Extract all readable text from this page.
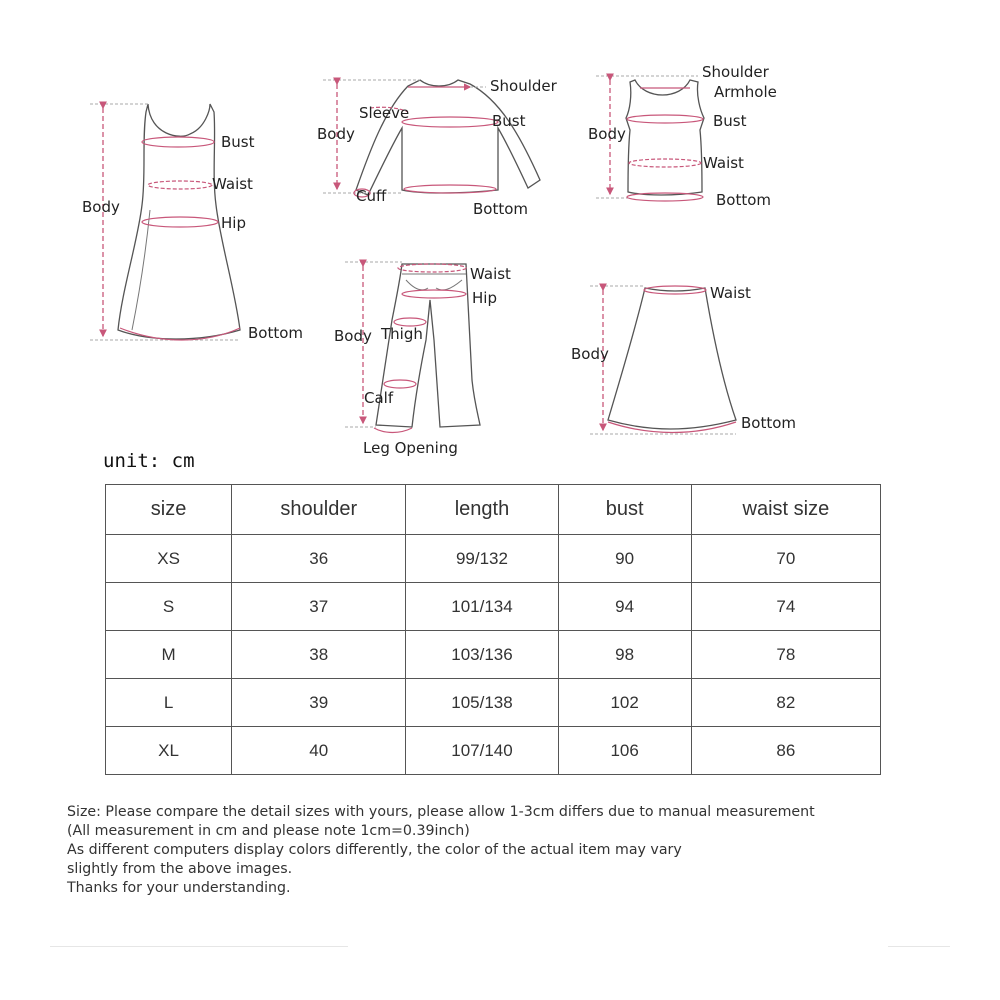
Bust
Waist
Body
Hip
Bottom
Shoulder
Sleeve
Body
Bust
Cuff
Bottom
Shoulder
Armhole
Bust
Body
Waist
Bottom
Waist
Hip
Body Thigh
Calf
Leg Opening
Waist
Body
Bottom
unit: cm
size	shoulder	length	bust	waist size
XS	36	99/132	90	70
S	37	101/134	94	74
M	38	103/136	98	78
L	39	105/138	102	82
XL	40	107/140	106	86
Size: Please compare the detail sizes with yours, please allow 1-3cm differs due to manual measurement
(All measurement in cm and please note 1cm=0.39inch)
As different computers display colors differently, the color of the actual item may vary
slightly from the above images.
Thanks for your understanding.
